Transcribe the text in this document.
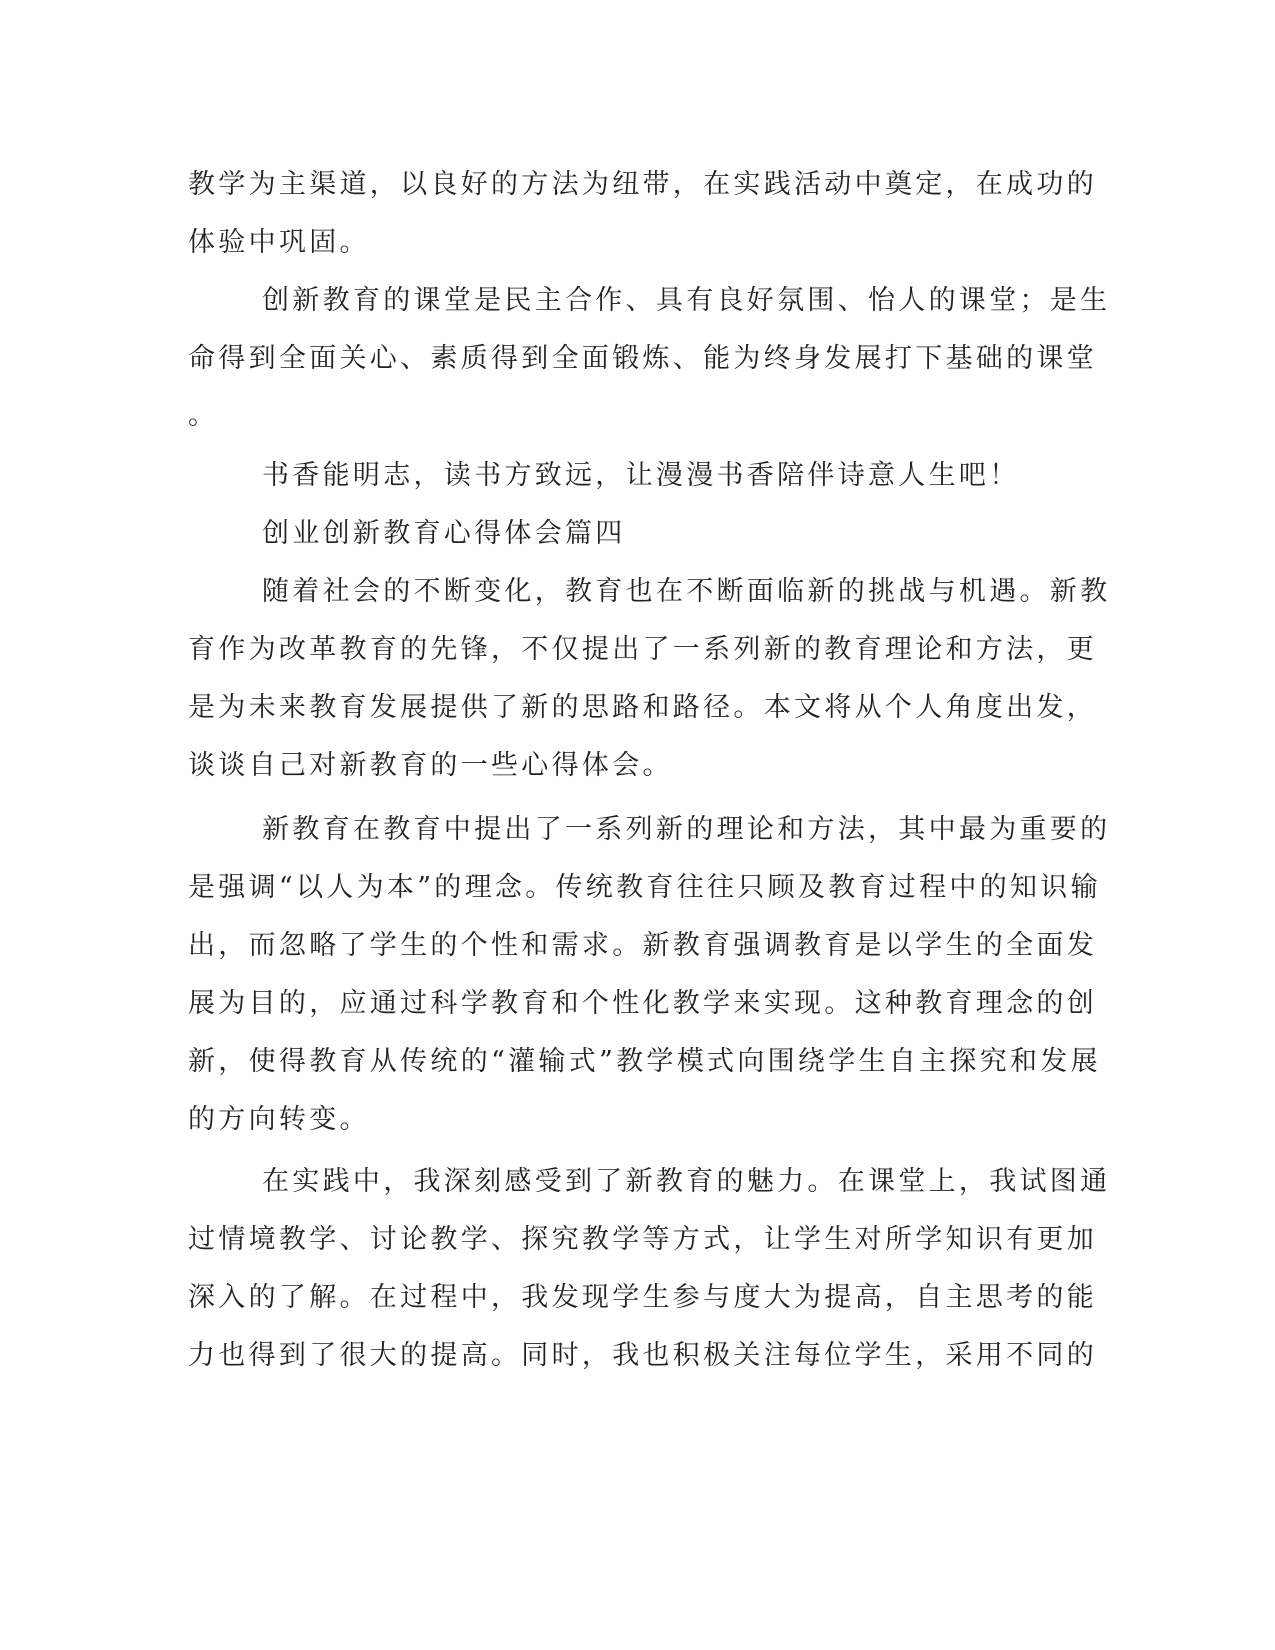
教学为主渠道，以良好的方法为纽带，在实践活动中奠定，在成功的
体验中巩固。
创新教育的课堂是民主合作、具有良好氛围、怡人的课堂；是生
命得到全面关心、素质得到全面锻炼、能为终身发展打下基础的课堂
。
书香能明志，读书方致远，让漫漫书香陪伴诗意人生吧！
创业创新教育心得体会篇四
随着社会的不断变化，教育也在不断面临新的挑战与机遇。新教
育作为改革教育的先锋，不仅提出了一系列新的教育理论和方法，更
是为未来教育发展提供了新的思路和路径。本文将从个人角度出发，
谈谈自己对新教育的一些心得体会。
新教育在教育中提出了一系列新的理论和方法，其中最为重要的
是强调“以人为本”的理念。传统教育往往只顾及教育过程中的知识输
出，而忽略了学生的个性和需求。新教育强调教育是以学生的全面发
展为目的，应通过科学教育和个性化教学来实现。这种教育理念的创
新，使得教育从传统的“灌输式”教学模式向围绕学生自主探究和发展
的方向转变。
在实践中，我深刻感受到了新教育的魅力。在课堂上，我试图通
过情境教学、讨论教学、探究教学等方式，让学生对所学知识有更加
深入的了解。在过程中，我发现学生参与度大为提高，自主思考的能
力也得到了很大的提高。同时，我也积极关注每位学生，采用不同的
